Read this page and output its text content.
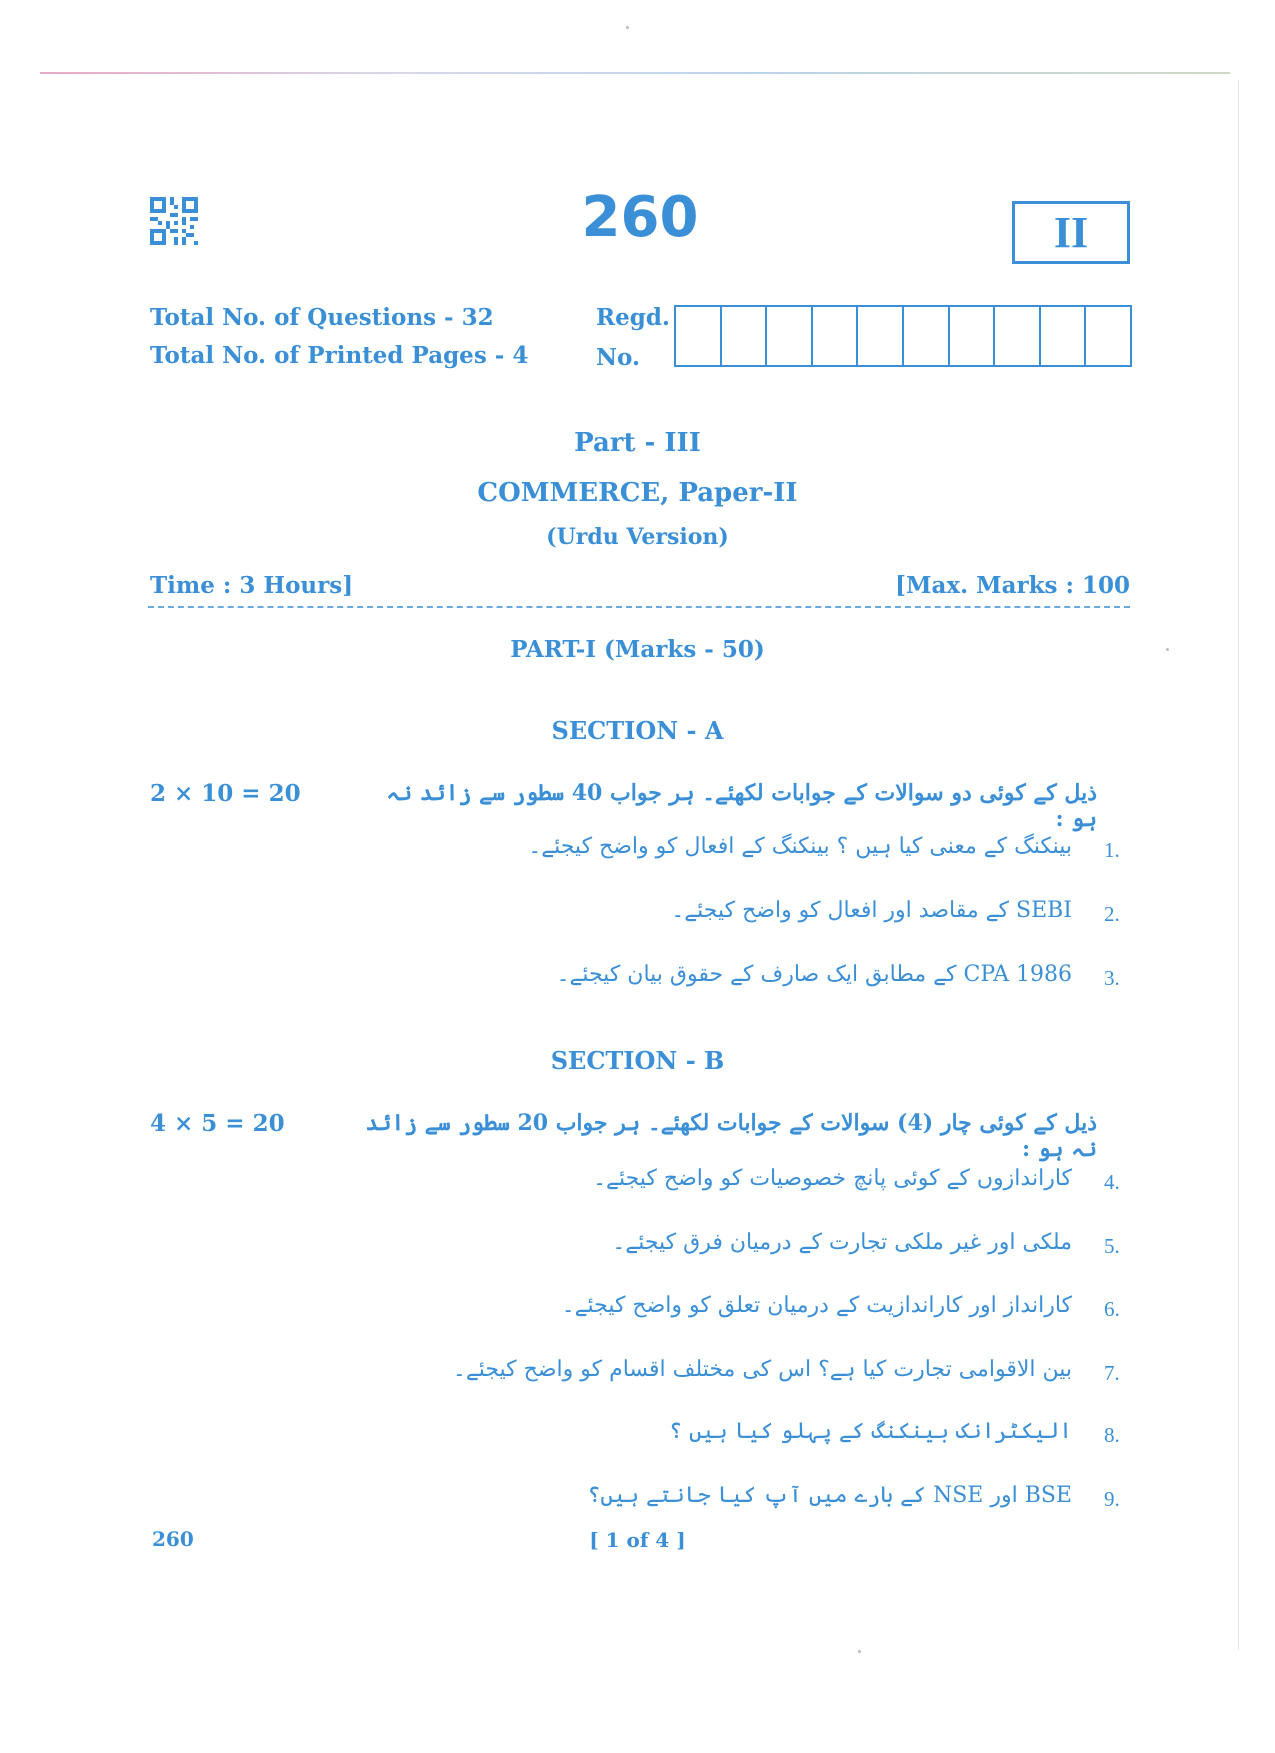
260	II
Total No. of Questions - 32
Total No. of Printed Pages - 4
Regd.
No.
Part - III
COMMERCE, Paper-II
(Urdu Version)
Time : 3 Hours]	[Max. Marks : 100
PART-I (Marks - 50)
SECTION - A
2 × 10 = 20	ذیل کے کوئی دو سوالات کے جوابات لکھئے۔ ہر جواب 40 سطور سے زائد نہ ہو :
1.
بینکنگ کے معنی کیا ہیں ؟ بینکنگ کے افعال کو واضح کیجئے۔
2.
SEBI کے مقاصد اور افعال کو واضح کیجئے۔
3.
CPA 1986 کے مطابق ایک صارف کے حقوق بیان کیجئے۔
SECTION - B
4 × 5 = 20	ذیل کے کوئی چار (4) سوالات کے جوابات لکھئے۔ ہر جواب 20 سطور سے زائد نہ ہو :
4.
کاراندازوں کے کوئی پانچ خصوصیات کو واضح کیجئے۔
5.
ملکی اور غیر ملکی تجارت کے درمیان فرق کیجئے۔
6.
کارانداز اور کاراندازیت کے درمیان تعلق کو واضح کیجئے۔
7.
بین الاقوامی تجارت کیا ہے؟ اس کی مختلف اقسام کو واضح کیجئے۔
8.
الیکٹرانک بینکنگ کے پہلو کیا ہیں ؟
9.
BSE اور NSE کے بارے میں آپ کیا جانتے ہیں؟
260	[ 1 of 4 ]
